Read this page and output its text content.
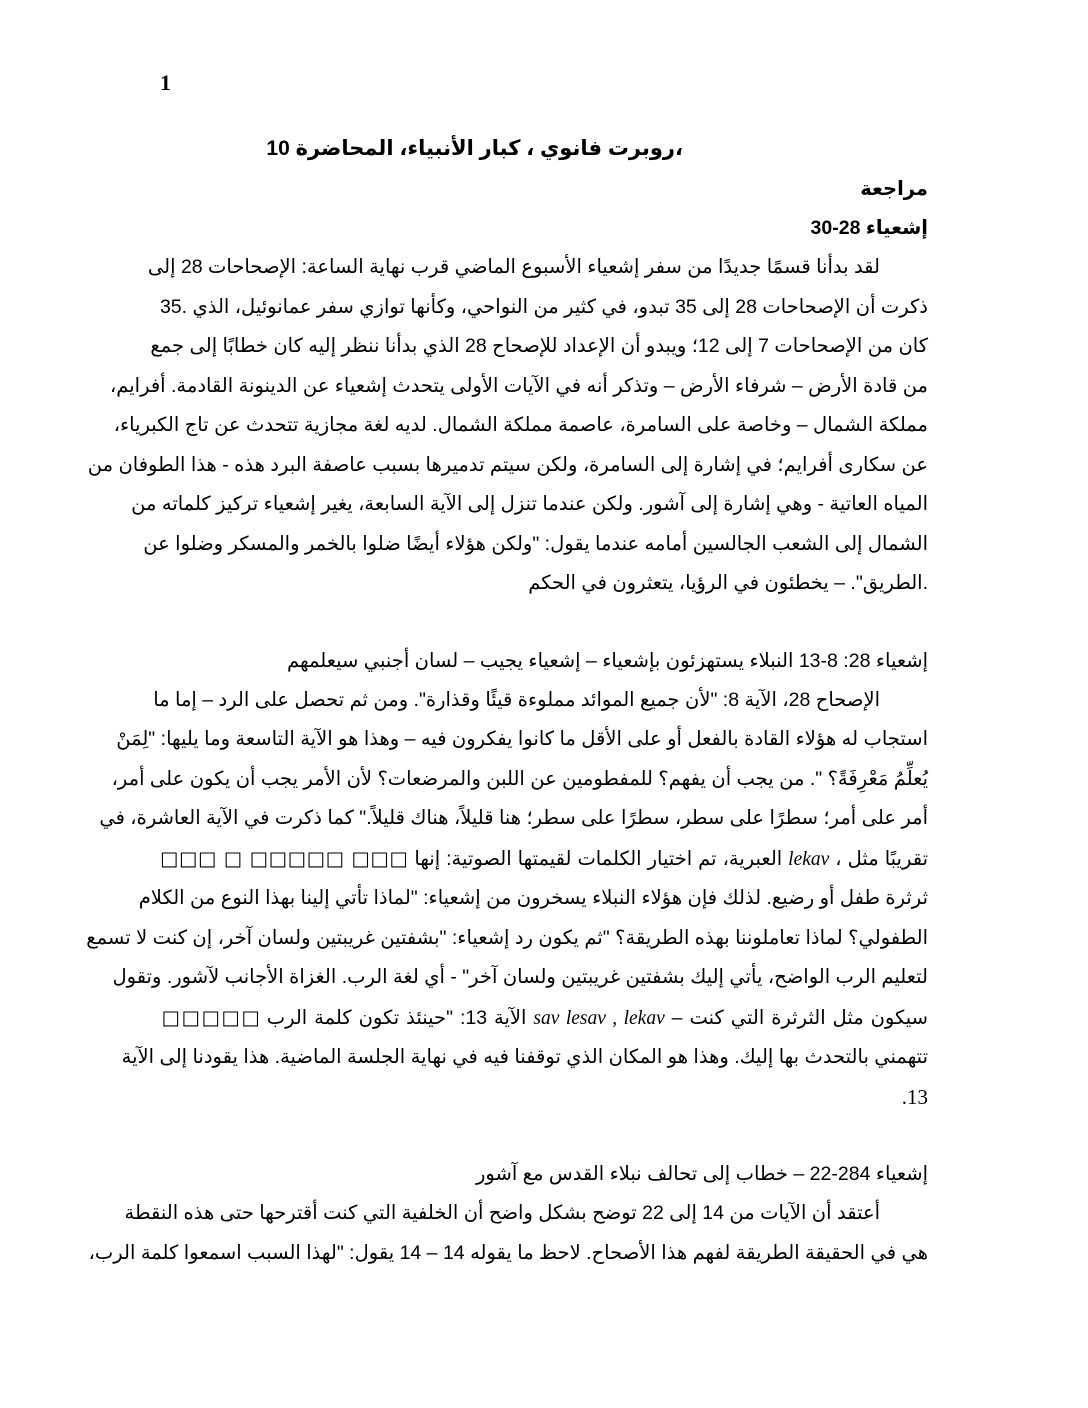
1
،روبرت فانوي ، كبار الأنبياء، المحاضرة 10
مراجعة
إشعياء 28-30
لقد بدأنا قسمًا جديدًا من سفر إشعياء الأسبوع الماضي قرب نهاية الساعة: الإصحاحات 28 إلى
ذكرت أن الإصحاحات 28 إلى 35 تبدو، في كثير من النواحي، وكأنها توازي سفر عمانوئيل، الذي .35
كان من الإصحاحات 7 إلى 12؛ ويبدو أن الإعداد للإصحاح 28 الذي بدأنا ننظر إليه كان خطابًا إلى جمع
من قادة الأرض – شرفاء الأرض – وتذكر أنه في الآيات الأولى يتحدث إشعياء عن الدينونة القادمة. أفرايم،
مملكة الشمال – وخاصة على السامرة، عاصمة مملكة الشمال. لديه لغة مجازية تتحدث عن تاج الكبرياء،
عن سكارى أفرايم؛ في إشارة إلى السامرة، ولكن سيتم تدميرها بسبب عاصفة البرد هذه - هذا الطوفان من
المياه العاتية - وهي إشارة إلى آشور. ولكن عندما تنزل إلى الآية السابعة، يغير إشعياء تركيز كلماته من
الشمال إلى الشعب الجالسين أمامه عندما يقول: "ولكن هؤلاء أيضًا ضلوا بالخمر والمسكر وضلوا عن
.الطريق". – يخطئون في الرؤيا، يتعثرون في الحكم
إشعياء 28: 8-13 النبلاء يستهزئون بإشعياء – إشعياء يجيب – لسان أجنبي سيعلمهم
الإصحاح 28، الآية 8: "لأن جميع الموائد مملوءة قيئًا وقذارة". ومن ثم تحصل على الرد – إما ما
استجاب له هؤلاء القادة بالفعل أو على الأقل ما كانوا يفكرون فيه – وهذا هو الآية التاسعة وما يليها: "لِمَنْ
يُعلِّمُ مَعْرِفَةً؟ ". من يجب أن يفهم؟ للمفطومين عن اللبن والمرضعات؟ لأن الأمر يجب أن يكون على أمر،
أمر على أمر؛ سطرًا على سطر، سطرًا على سطر؛ هنا قليلاً، هناك قليلاً." كما ذكرت في الآية العاشرة، في
تقريبًا مثل ، lekav العبرية، تم اختيار الكلمات لقيمتها الصوتية: إنها □□□ □□□□□ □ □□□
ثرثرة طفل أو رضيع. لذلك فإن هؤلاء النبلاء يسخرون من إشعياء: "لماذا تأتي إلينا بهذا النوع من الكلام
الطفولي؟ لماذا تعاملوننا بهذه الطريقة؟ "ثم يكون رد إشعياء: "بشفتين غريبتين ولسان آخر، إن كنت لا تسمع
لتعليم الرب الواضح، يأتي إليك بشفتين غريبتين ولسان آخر" - أي لغة الرب. الغزاة الأجانب لآشور. وتقول
سيكون مثل الثرثرة التي كنت – sav lesav , lekav الآية 13: "حينئذ تكون كلمة الرب □□□□□
تتهمني بالتحدث بها إليك. وهذا هو المكان الذي توقفنا فيه في نهاية الجلسة الماضية. هذا يقودنا إلى الآية
13.
إشعياء 284-22 – خطاب إلى تحالف نبلاء القدس مع آشور
أعتقد أن الآيات من 14 إلى 22 توضح بشكل واضح أن الخلفية التي كنت أقترحها حتى هذه النقطة
هي في الحقيقة الطريقة لفهم هذا الأصحاح. لاحظ ما يقوله 14 – 14 يقول: "لهذا السبب اسمعوا كلمة الرب،
